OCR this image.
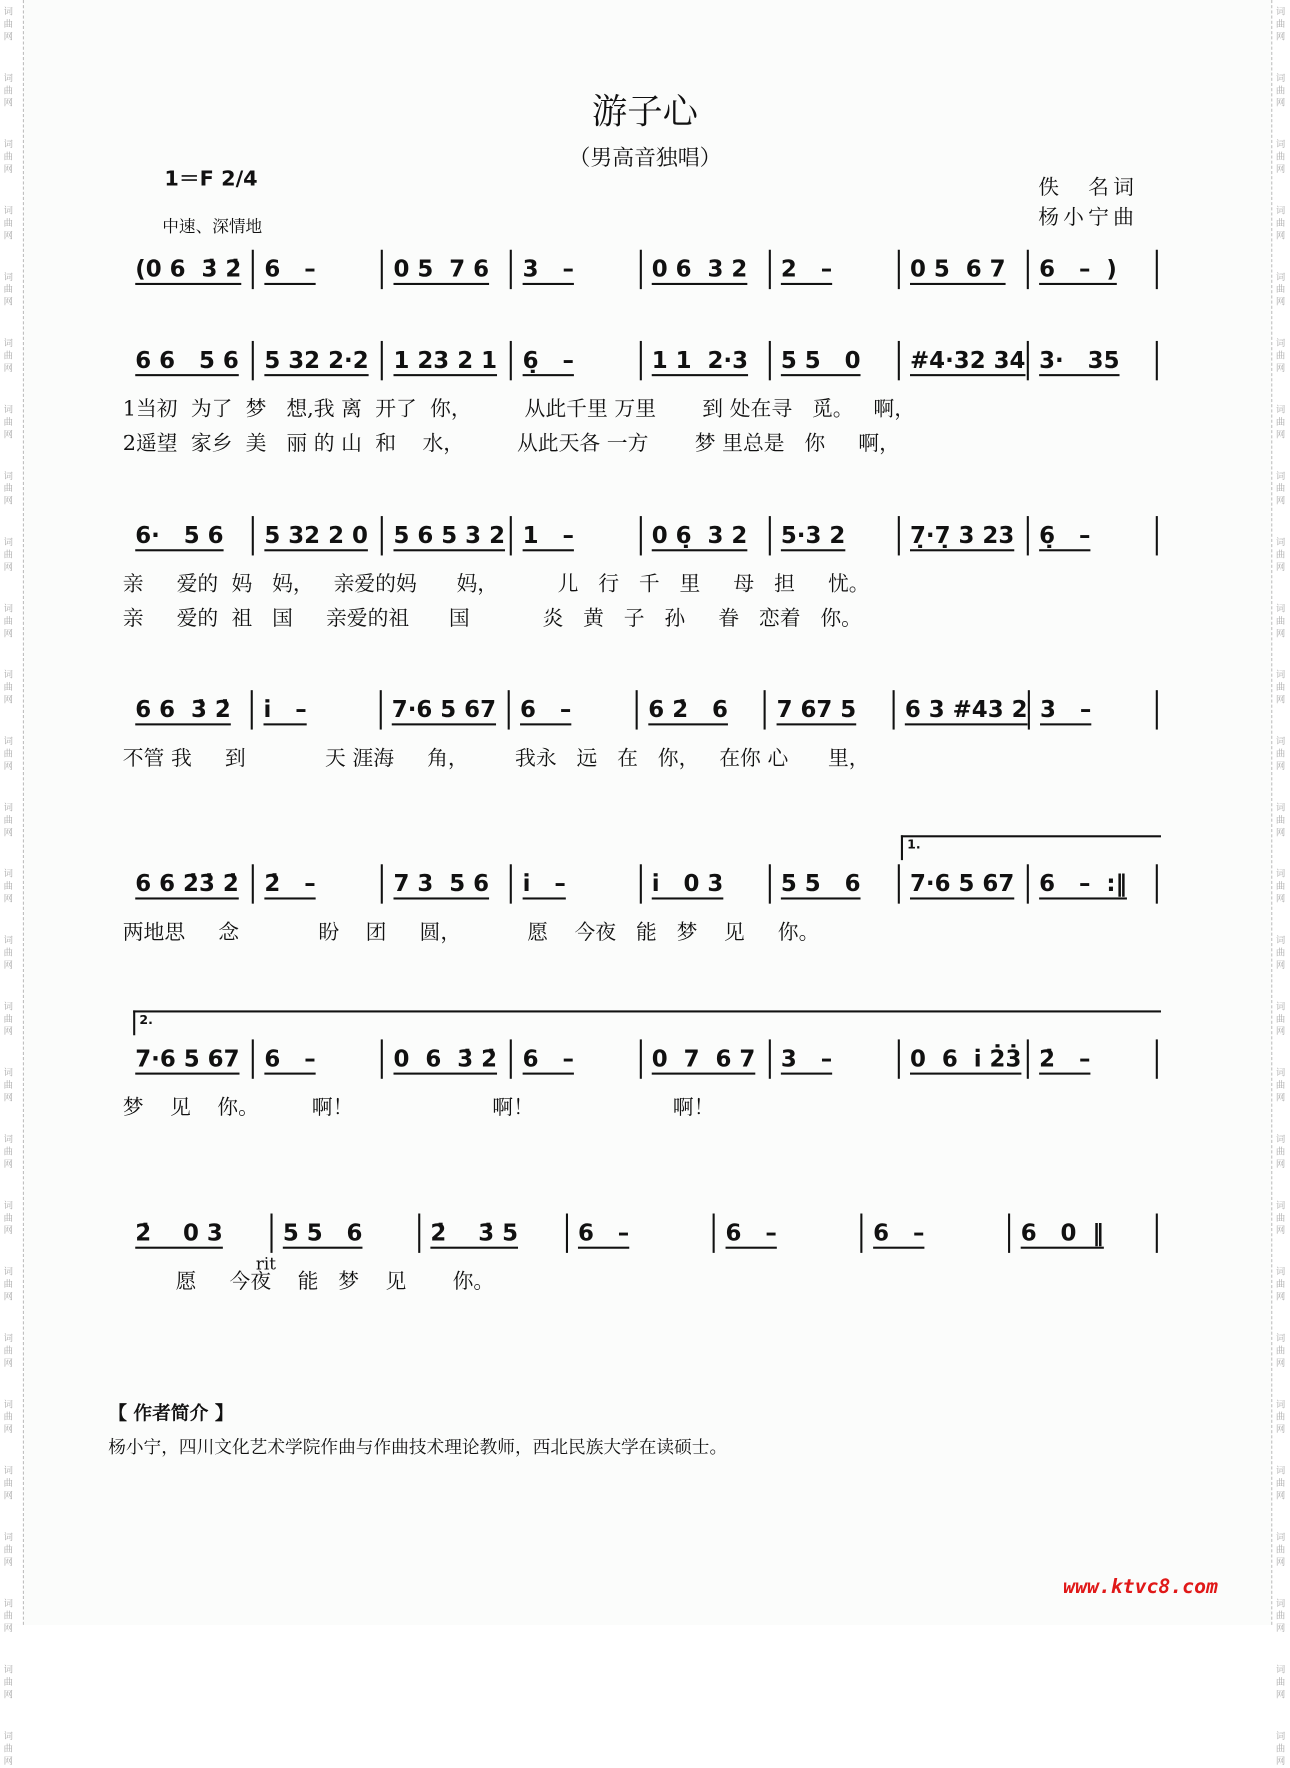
词
曲
网
词
曲
网
词
曲
网
词
曲
网
词
曲
网
词
曲
网
词
曲
网
词
曲
网
词
曲
网
词
曲
网
词
曲
网
词
曲
网
词
曲
网
词
曲
网
词
曲
网
词
曲
网
词
曲
网
词
曲
网
词
曲
网
词
曲
网
词
曲
网
词
曲
网
词
曲
网
词
曲
网
词
曲
网
词
曲
网
词
曲
网
词
曲
网
词
曲
网
词
曲
网
词
曲
网
词
曲
网
词
曲
网
词
曲
网
词
曲
网
词
曲
网
词
曲
网
词
曲
网
词
曲
网
词
曲
网
词
曲
网
词
曲
网
词
曲
网
词
曲
网
词
曲
网
词
曲
网
词
曲
网
词
曲
网
词
曲
网
词
曲
网
词
曲
网
词
曲
网
词
曲
网
词
曲
网
游子心
（男高音独唱）
1＝F 2/4
中速、深情地
佚　名词
杨小宁曲
(0 6  3̇ 2̇	6   –	0 5  7 6	3   –	0 6  3 2	2   –	0 5  6 7	6   –  )
6 6   5 6	5 32 2·2	1 23 2 1	6̣   –	1 1  2·3	5 5   0	#4·32 34 3·   35
1当初  为了  梦   想,我 离  开了  你，        从此千里 万里       到 处在寻   觅。   啊，
2遥望  家乡  美   丽 的 山  和    水，        从此天各 一方       梦 里总是   你     啊，
6·   5 6	5 32 2 0	5 6 5 3 2 1   –	0 6̣  3 2	5·3 2	7̣·7̣ 3 23	6̣   –
亲     爱的  妈   妈，   亲爱的妈      妈，         儿   行   千   里     母   担     忧。
亲     爱的  祖   国     亲爱的祖      国           炎   黄   子   孙     眷   恋着   你。
6 6  3̇ 2̇	i̇   –	7·6 5 67	6   –	6 2̇   6	7 67 5	6 3 #43 2 3   –
不管 我     到            天 涯海     角，       我永   远   在   你，   在你 心      里，
6 6 2̇3̇ 2̇	2̇   –	7 3  5 6	i̇   –	i̇   0 3	5 5   6	7·6 5 67	6   –  :‖
两地思     念            盼    团     圆，          愿    今夜   能   梦    见     你。
7·6 5 67	6   –	0  6  3̇ 2̇	6   –	0  7  6 7	3   –	0  6  i̇ 2̇3̇ 2̇   –
梦    见    你。        啊！                     啊！                     啊！
2̇    0 3	5 5   6	2̇    3̇ 5	6   –	6   –	6   –	6   0  ‖
愿     今夜    能   梦    见       你。
1.
2.
rit
【 作者简介 】
杨小宁，四川文化艺术学院作曲与作曲技术理论教师，西北民族大学在读硕士。
www.ktvc8.com
